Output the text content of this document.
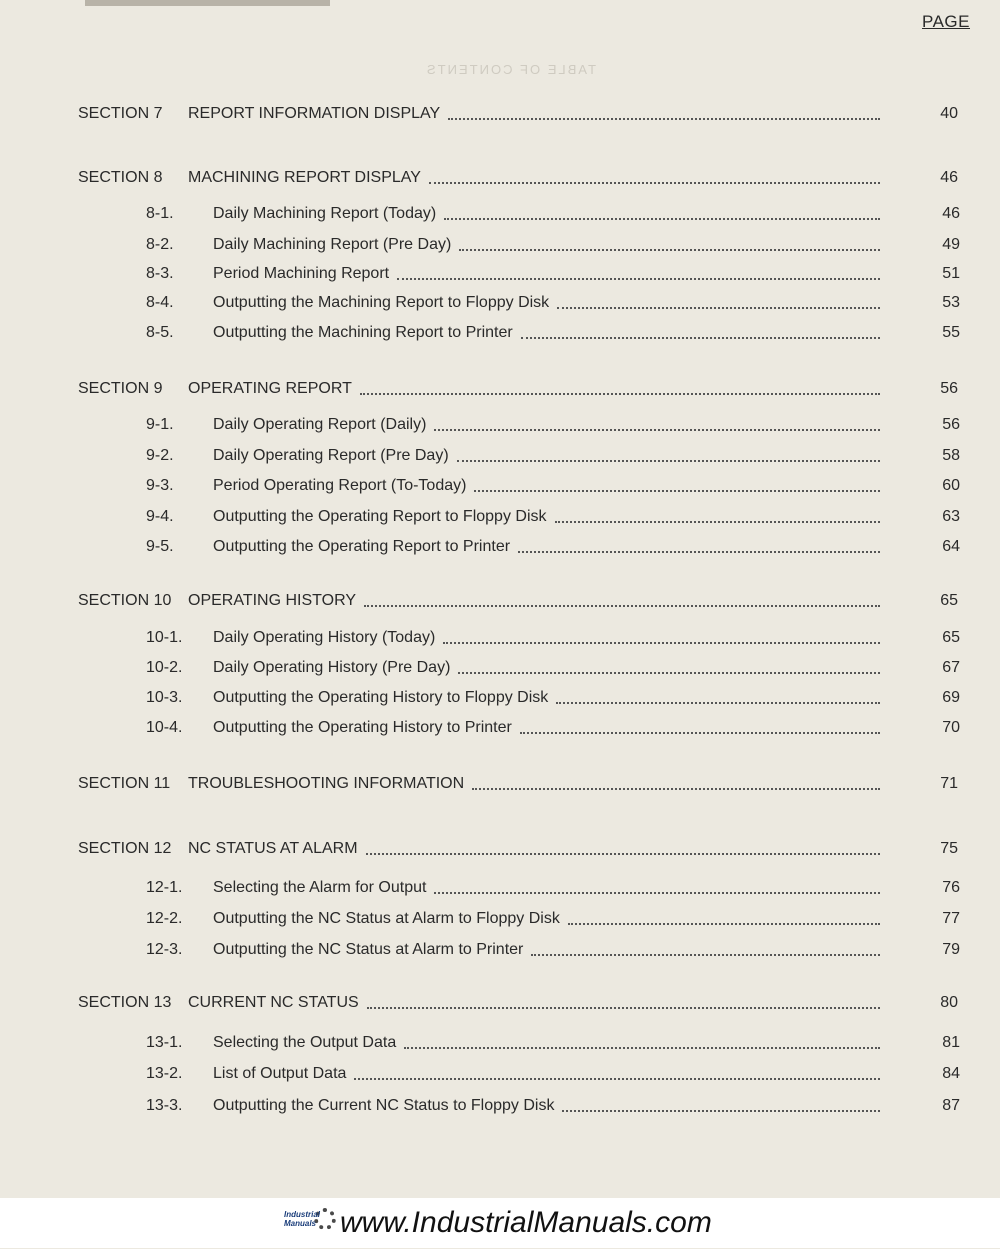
PAGE
TABLE OF CONTENTS
SECTION 7 REPORT INFORMATION DISPLAY	40
SECTION 8 MACHINING REPORT DISPLAY	46
8-1. Daily Machining Report (Today)	46
8-2. Daily Machining Report (Pre Day)	49
8-3. Period Machining Report	51
8-4. Outputting the Machining Report to Floppy Disk	53
8-5. Outputting the Machining Report to Printer	55
SECTION 9 OPERATING REPORT	56
9-1. Daily Operating Report (Daily)	56
9-2. Daily Operating Report (Pre Day)	58
9-3. Period Operating Report (To-Today)	60
9-4. Outputting the Operating Report to Floppy Disk	63
9-5. Outputting the Operating Report to Printer	64
SECTION 10 OPERATING HISTORY	65
10-1. Daily Operating History (Today)	65
10-2. Daily Operating History (Pre Day)	67
10-3. Outputting the Operating History to Floppy Disk	69
10-4. Outputting the Operating History to Printer	70
SECTION 11 TROUBLESHOOTING INFORMATION	71
SECTION 12 NC STATUS AT ALARM	75
12-1. Selecting the Alarm for Output	76
12-2. Outputting the NC Status at Alarm to Floppy Disk	77
12-3. Outputting the NC Status at Alarm to Printer	79
SECTION 13 CURRENT NC STATUS	80
13-1. Selecting the Output Data	81
13-2. List of Output Data	84
13-3. Outputting the Current NC Status to Floppy Disk	87
Industrial
Manuals www.IndustrialManuals.com
